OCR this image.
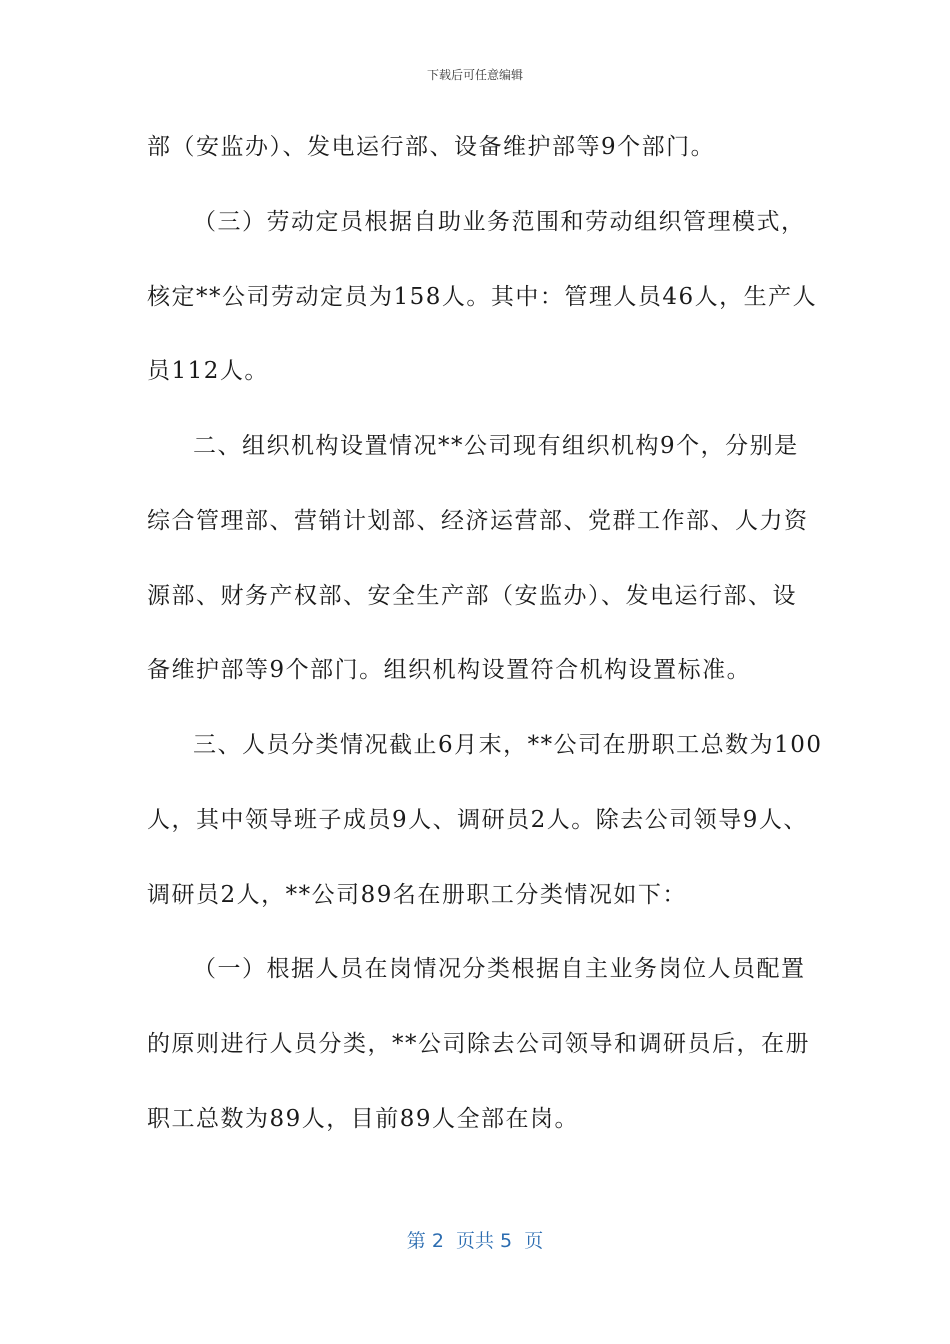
下载后可任意编辑
部（安监办）、发电运行部、设备维护部等9个部门。
（三）劳动定员根据自助业务范围和劳动组织管理模式，
核定**公司劳动定员为158人。其中：管理人员46人，生产人
员112人。
二、组织机构设置情况**公司现有组织机构9个，分别是
综合管理部、营销计划部、经济运营部、党群工作部、人力资
源部、财务产权部、安全生产部（安监办）、发电运行部、设
备维护部等9个部门。组织机构设置符合机构设置标准。
三、人员分类情况截止6月末，**公司在册职工总数为100
人，其中领导班子成员9人、调研员2人。除去公司领导9人、
调研员2人，**公司89名在册职工分类情况如下：
（一）根据人员在岗情况分类根据自主业务岗位人员配置
的原则进行人员分类，**公司除去公司领导和调研员后，在册
职工总数为89人，目前89人全部在岗。
第 2  页共 5  页
